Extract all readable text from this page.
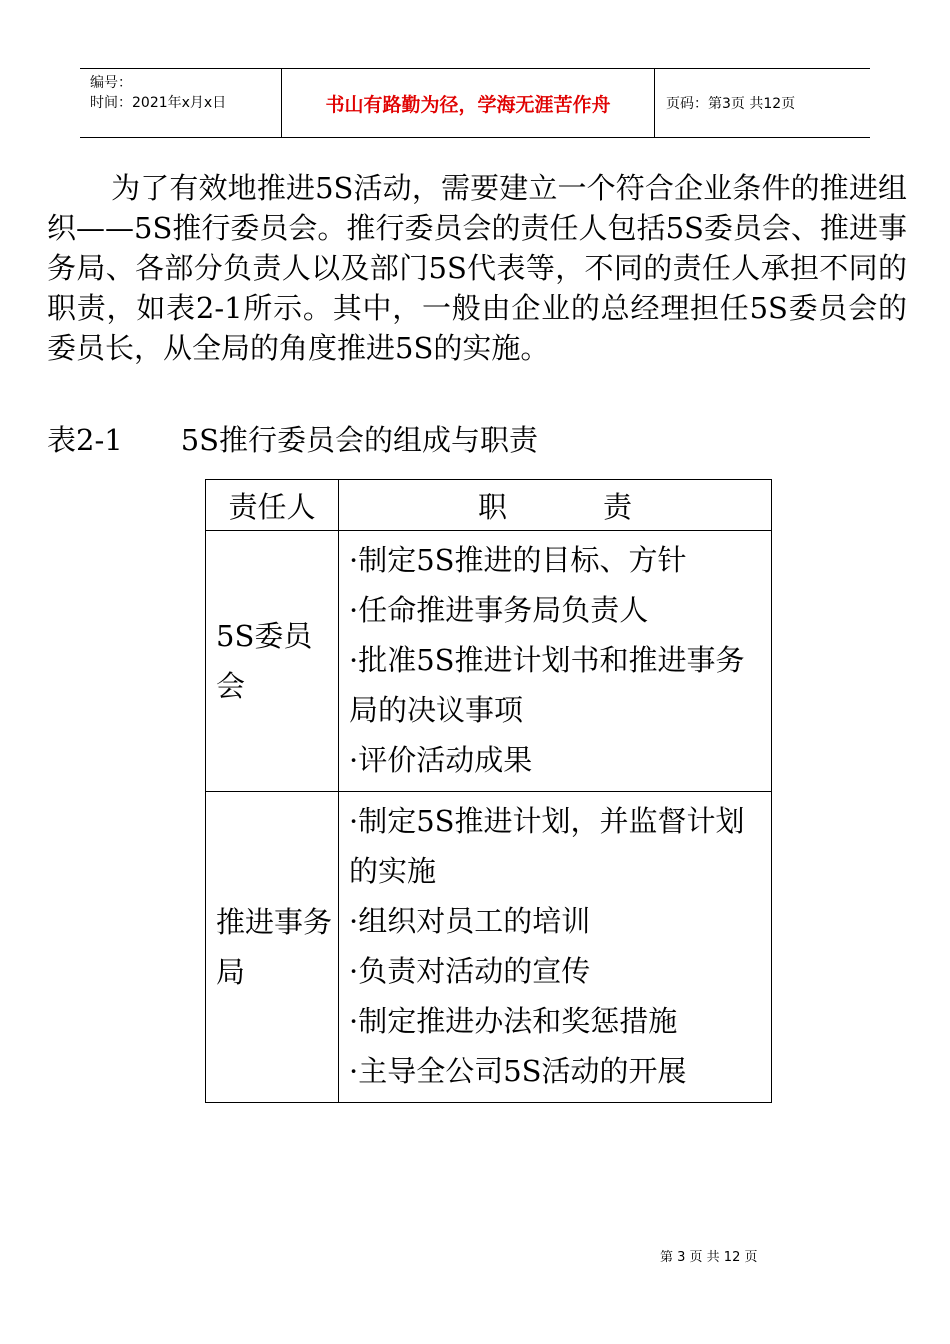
编号：
时间：2021年x月x日	书山有路勤为径，学海无涯苦作舟	页码：第3页 共12页
为了有效地推进5S活动，需要建立一个符合企业条件的推进组织——5S推行委员会。推行委员会的责任人包括5S委员会、推进事务局、各部分负责人以及部门5S代表等，不同的责任人承担不同的职责，如表2-1所示。其中，一般由企业的总经理担任5S委员会的委员长，从全局的角度推进5S的实施。
表2-1　　5S推行委员会的组成与职责
责任人	职 责
5S委员会	·制定5S推进的目标、方针
·任命推进事务局负责人
·批准5S推进计划书和推进事务局的决议事项
·评价活动成果

推进事务局	·制定5S推进计划，并监督计划的实施
·组织对员工的培训
·负责对活动的宣传
·制定推进办法和奖惩措施
·主导全公司5S活动的开展
第 3 页 共 12 页
